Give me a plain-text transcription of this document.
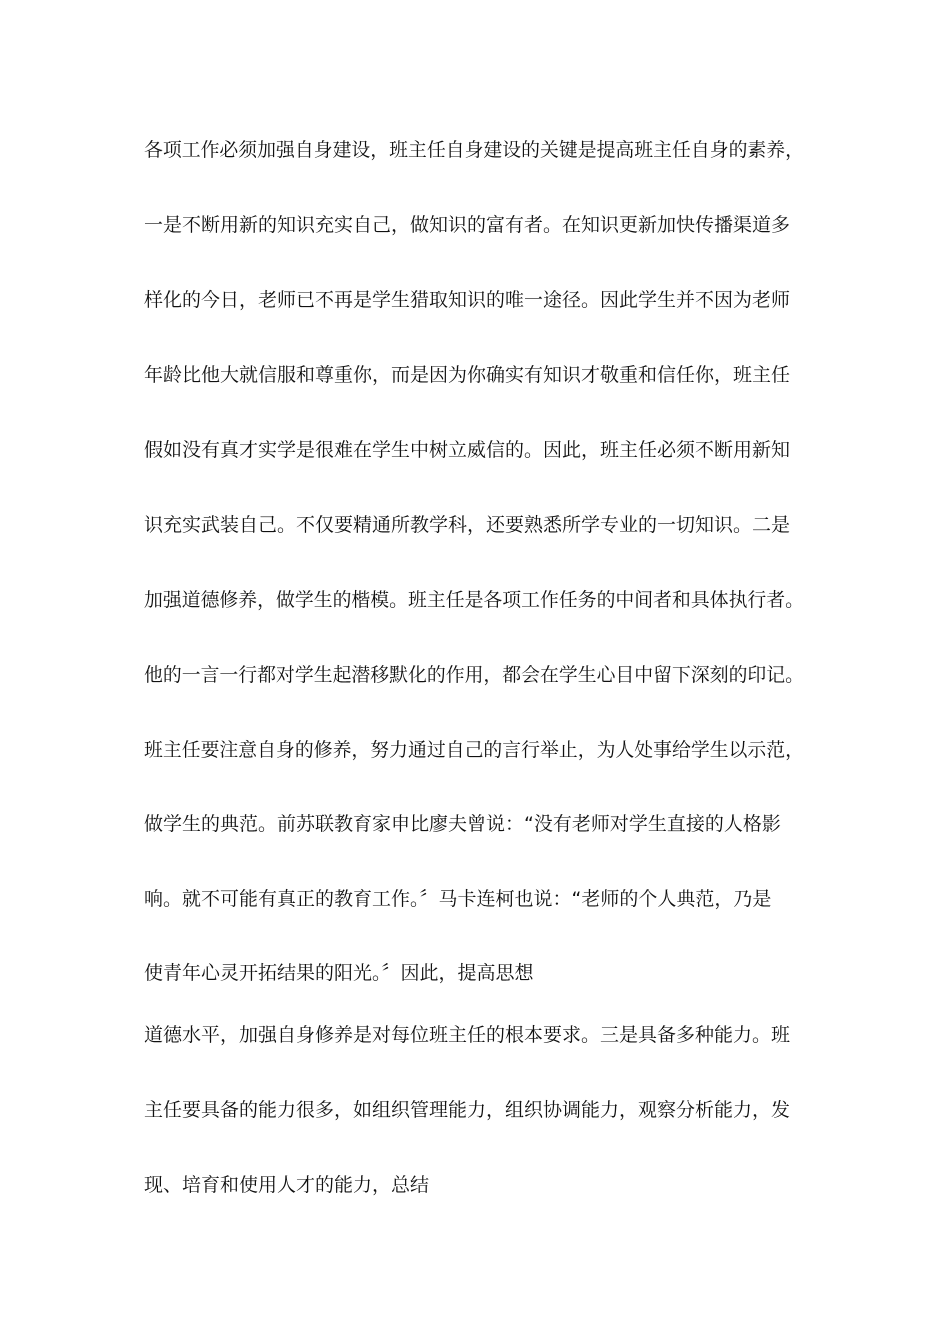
各项工作必须加强自身建设，班主任自身建设的关键是提高班主任自身的素养，
一是不断用新的知识充实自己，做知识的富有者。在知识更新加快传播渠道多
样化的今日，老师已不再是学生猎取知识的唯一途径。因此学生并不因为老师
年龄比他大就信服和尊重你，而是因为你确实有知识才敬重和信任你，班主任
假如没有真才实学是很难在学生中树立威信的。因此，班主任必须不断用新知
识充实武装自己。不仅要精通所教学科，还要熟悉所学专业的一切知识。二是
加强道德修养，做学生的楷模。班主任是各项工作任务的中间者和具体执行者。
他的一言一行都对学生起潜移默化的作用，都会在学生心目中留下深刻的印记。
班主任要注意自身的修养，努力通过自己的言行举止，为人处事给学生以示范，
做学生的典范。前苏联教育家申比廖夫曾说：“没有老师对学生直接的人格影
响。就不可能有真正的教育工作。〞马卡连柯也说：“老师的个人典范，乃是
使青年心灵开拓结果的阳光。〞因此，提高思想
道德水平，加强自身修养是对每位班主任的根本要求。三是具备多种能力。班
主任要具备的能力很多，如组织管理能力，组织协调能力，观察分析能力，发
现、培育和使用人才的能力，总结
